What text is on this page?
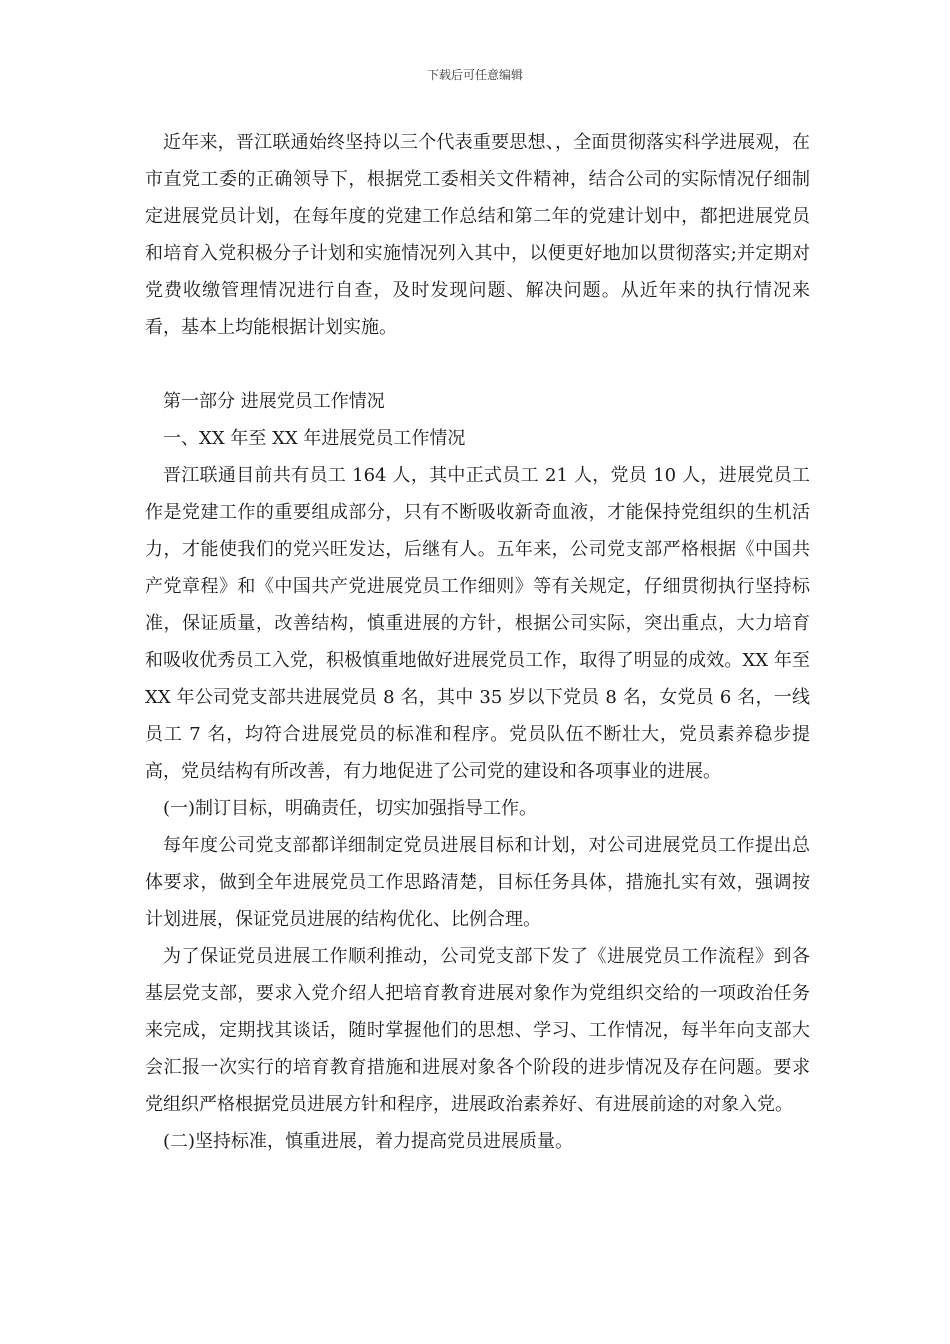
下载后可任意编辑

近年来，晋江联通始终坚持以三个代表重要思想、，全面贯彻落实科学进展观，在市直党工委的正确领导下，根据党工委相关文件精神，结合公司的实际情况仔细制定进展党员计划，在每年度的党建工作总结和第二年的党建计划中，都把进展党员和培育入党积极分子计划和实施情况列入其中，以便更好地加以贯彻落实;并定期对党费收缴管理情况进行自查，及时发现问题、解决问题。从近年来的执行情况来看，基本上均能根据计划实施。

第一部分 进展党员工作情况

一、XX 年至 XX 年进展党员工作情况

晋江联通目前共有员工 164 人，其中正式员工 21 人，党员 10 人，进展党员工作是党建工作的重要组成部分，只有不断吸收新奇血液，才能保持党组织的生机活力，才能使我们的党兴旺发达，后继有人。五年来，公司党支部严格根据《中国共产党章程》和《中国共产党进展党员工作细则》等有关规定，仔细贯彻执行坚持标准，保证质量，改善结构，慎重进展的方针，根据公司实际，突出重点，大力培育和吸收优秀员工入党，积极慎重地做好进展党员工作，取得了明显的成效。XX 年至 XX 年公司党支部共进展党员 8 名，其中 35 岁以下党员 8 名，女党员 6 名，一线员工 7 名，均符合进展党员的标准和程序。党员队伍不断壮大，党员素养稳步提高，党员结构有所改善，有力地促进了公司党的建设和各项事业的进展。

(一)制订目标，明确责任，切实加强指导工作。

每年度公司党支部都详细制定党员进展目标和计划，对公司进展党员工作提出总体要求，做到全年进展党员工作思路清楚，目标任务具体，措施扎实有效，强调按计划进展，保证党员进展的结构优化、比例合理。

为了保证党员进展工作顺利推动，公司党支部下发了《进展党员工作流程》到各基层党支部，要求入党介绍人把培育教育进展对象作为党组织交给的一项政治任务来完成，定期找其谈话，随时掌握他们的思想、学习、工作情况，每半年向支部大会汇报一次实行的培育教育措施和进展对象各个阶段的进步情况及存在问题。要求党组织严格根据党员进展方针和程序，进展政治素养好、有进展前途的对象入党。

(二)坚持标准，慎重进展，着力提高党员进展质量。
